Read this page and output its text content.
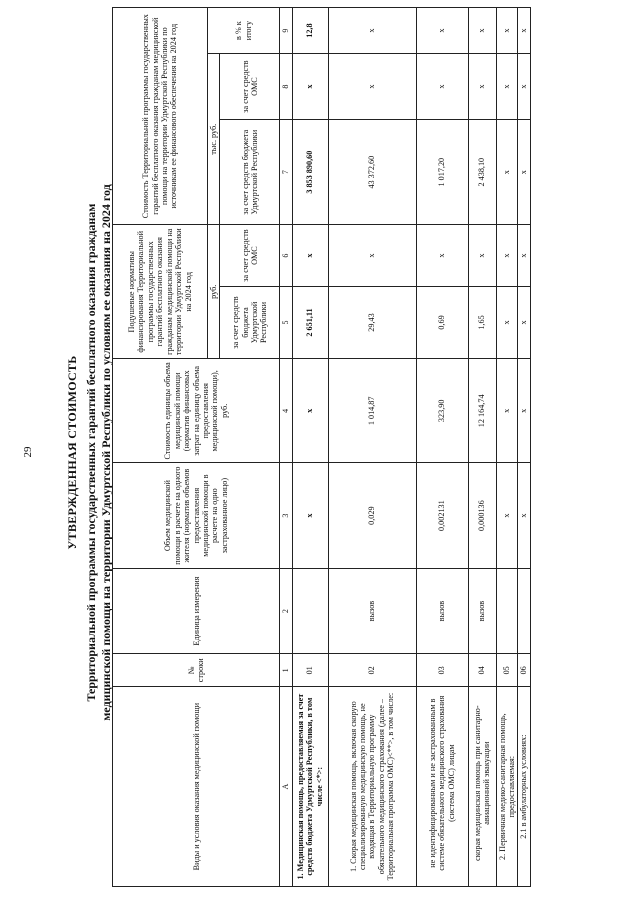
29	УТВЕРЖДЕННАЯ СТОИМОСТЬ Территориальной программы государственных гарантий бесплатного оказания гражданам медицинской помощи на территории Удмуртской Республики по условиям ее оказания на 2024 год
Виды и условия оказания медицинской помощи	№ строки	Единица измерения	Объем медицинской помощи в расчете на одного жителя (норматив объемов предоставления медицинской помощи в расчете на одно застрахованное лицо)	Стоимость единицы объема медицинской помощи (норматив финансовых затрат на единицу объема предоставления медицинской помощи), руб.	Подушевые нормативы финансирования Территориальной программы государственных гарантий бесплатного оказания гражданам медицинской помощи на территории Удмуртской Республики на 2024 год		Стоимость Территориальной программы государственных гарантий бесплатного оказания гражданам медицинской помощи на территории Удмуртской Республики по источникам ее финансового обеспечения на 2024 год		
					руб.		тыс. руб.		в % к итогу
					за счет средств бюджета Удмуртской Республики	за счет средств ОМС	за счет средств бюджета Удмуртской Республики	за счет средств ОМС	
А	1	2	3	4	5	6	7	8	9
1. Медицинская помощь, предоставляемая за счет средств бюджета Удмуртской Республики, в том числе <*>:	01		x	x	2 651,11	x	3 853 890,60	x	12,8
1. Скорая медицинская помощь, включая скорую специализированную медицинскую помощь, не входящая в Территориальную программу обязательного медицинского страхования (далее – Территориальная программа ОМС)<**>, в том числе:	02	вызов	0,029	1 014,87	29,43	x	43 372,60	x	x
не идентифицированным и не застрахованным в системе обязательного медицинского страхования (система ОМС) лицам	03	вызов	0,002131	323,90	0,69	x	1 017,20	x	x
скорая медицинская помощь при санитарно-авиационной эвакуации	04	вызов	0,000136	12 164,74	1,65	x	2 438,10	x	x
2. Первичная медико-санитарная помощь, предоставляемая:	05		x	x	x	x	x	x	x
2.1 в амбулаторных условиях:	06		x	x	x	x	x	x	x
